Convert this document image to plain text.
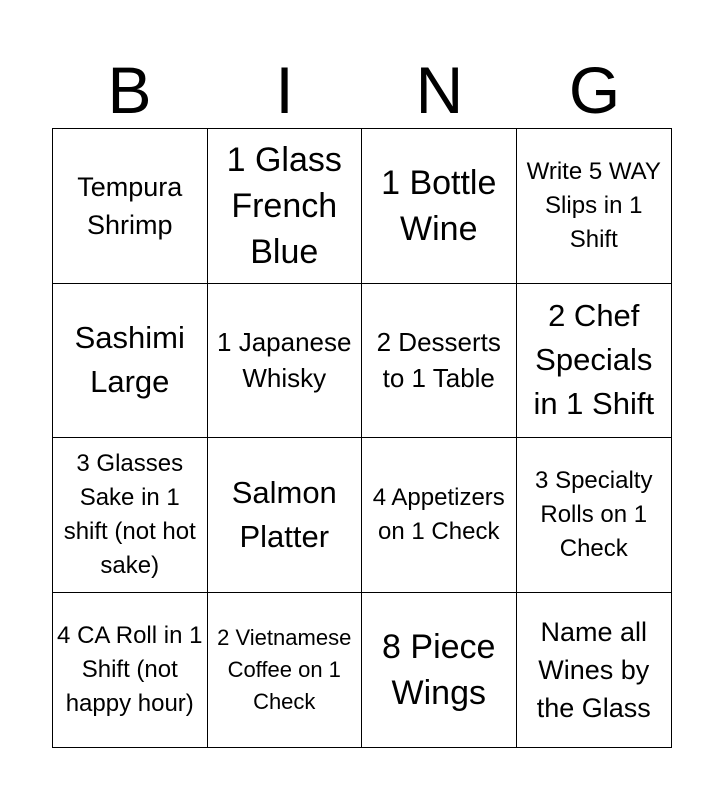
B	I	N	G
Tempura Shrimp
1 Glass French Blue
1 Bottle Wine
Write 5 WAY Slips in 1 Shift
Sashimi Large
1 Japanese Whisky
2 Desserts to 1 Table
2 Chef Specials in 1 Shift
3 Glasses Sake in 1 shift (not hot sake)
Salmon Platter
4 Appetizers on 1 Check
3 Specialty Rolls on 1 Check
4 CA Roll in 1 Shift (not happy hour)
2 Vietnamese Coffee on 1 Check
8 Piece Wings
Name all Wines by the Glass
